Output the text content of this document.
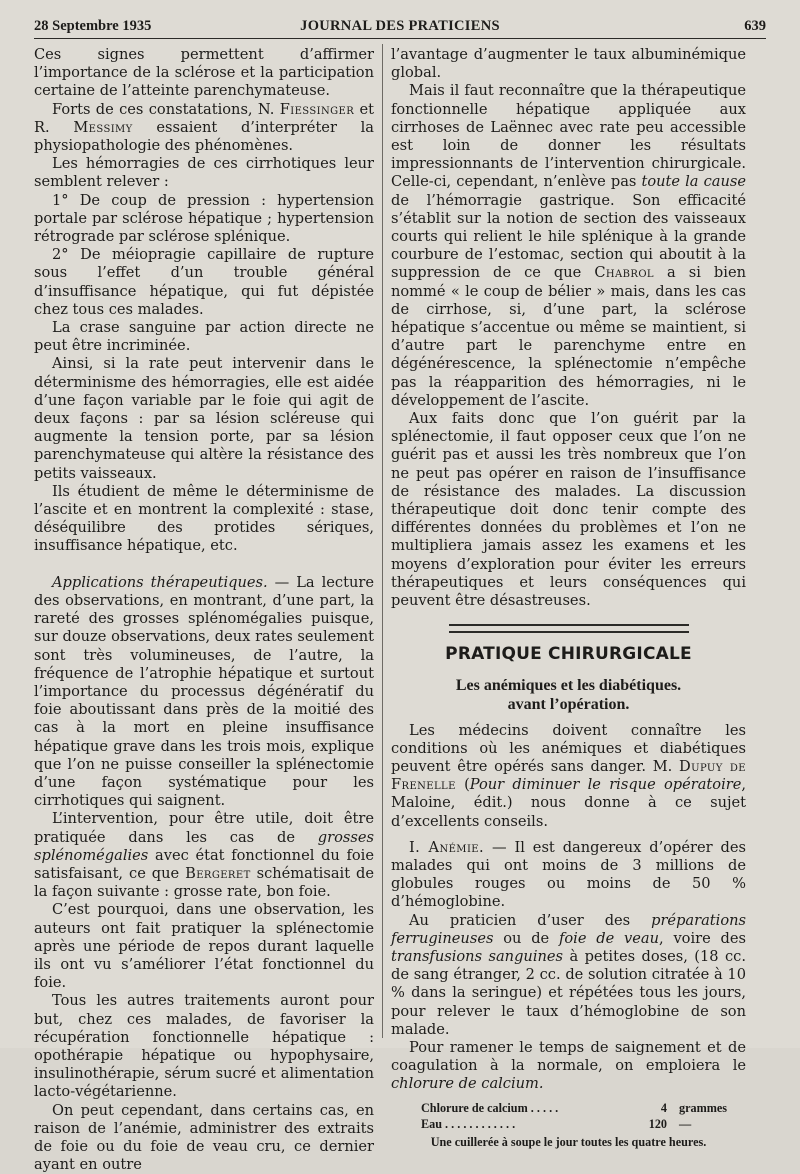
28 Septembre 1935	JOURNAL DES PRATICIENS	639

Ces signes permettent d’affirmer l’importance de la sclérose et la participation certaine de l’atteinte parenchymateuse.

Forts de ces constatations, N. Fiessinger et R. Messimy essaient d’interpréter la physiopathologie des phénomènes.

Les hémorragies de ces cirrhotiques leur semblent relever :

1° De coup de pression : hypertension portale par sclérose hépatique ; hypertension rétrograde par sclérose splénique.

2° De méiopragie capillaire de rupture sous l’effet d’un trouble général d’insuffisance hépatique, qui fut dépistée chez tous ces malades.

La crase sanguine par action directe ne peut être incriminée.

Ainsi, si la rate peut intervenir dans le déterminisme des hémorragies, elle est aidée d’une façon variable par le foie qui agit de deux façons : par sa lésion scléreuse qui augmente la tension porte, par sa lésion parenchymateuse qui altère la résistance des petits vaisseaux.

Ils étudient de même le déterminisme de l’ascite et en montrent la complexité : stase, déséquilibre des protides sériques, insuffisance hépatique, etc.

Applications thérapeutiques. — La lecture des observations, en montrant, d’une part, la rareté des grosses splénomégalies puisque, sur douze observations, deux rates seulement sont très volumineuses, de l’autre, la fréquence de l’atrophie hépatique et surtout l’importance du processus dégénératif du foie aboutissant dans près de la moitié des cas à la mort en pleine insuffisance hépatique grave dans les trois mois, explique que l’on ne puisse conseiller la splénectomie d’une façon systématique pour les cirrhotiques qui saignent.

L’intervention, pour être utile, doit être pratiquée dans les cas de grosses splénomégalies avec état fonctionnel du foie satisfaisant, ce que Bergeret schématisait de la façon suivante : grosse rate, bon foie.

C’est pourquoi, dans une observation, les auteurs ont fait pratiquer la splénectomie après une période de repos durant laquelle ils ont vu s’améliorer l’état fonctionnel du foie.

Tous les autres traitements auront pour but, chez ces malades, de favoriser la récupération fonctionnelle hépatique : opothérapie hépatique ou hypophysaire, insulinothérapie, sérum sucré et alimentation lacto-végétarienne.

On peut cependant, dans certains cas, en raison de l’anémie, administrer des extraits de foie ou du foie de veau cru, ce dernier ayant en outre

l’avantage d’augmenter le taux albuminémique global.

Mais il faut reconnaître que la thérapeutique fonctionnelle hépatique appliquée aux cirrhoses de Laënnec avec rate peu accessible est loin de donner les résultats impressionnants de l’intervention chirurgicale. Celle-ci, cependant, n’enlève pas toute la cause de l’hémorragie gastrique. Son efficacité s’établit sur la notion de section des vaisseaux courts qui relient le hile splénique à la grande courbure de l’estomac, section qui aboutit à la suppression de ce que Chabrol a si bien nommé « le coup de bélier » mais, dans les cas de cirrhose, si, d’une part, la sclérose hépatique s’accentue ou même se maintient, si d’autre part le parenchyme entre en dégénérescence, la splénectomie n’empêche pas la réapparition des hémorragies, ni le développement de l’ascite.

Aux faits donc que l’on guérit par la splénectomie, il faut opposer ceux que l’on ne guérit pas et aussi les très nombreux que l’on ne peut pas opérer en raison de l’insuffisance de résistance des malades. La discussion thérapeutique doit donc tenir compte des différentes données du problèmes et l’on ne multipliera jamais assez les examens et les moyens d’exploration pour éviter les erreurs thérapeutiques et leurs conséquences qui peuvent être désastreuses.

PRATIQUE CHIRURGICALE
Les anémiques et les diabétiques.
avant l’opération.

Les médecins doivent connaître les conditions où les anémiques et diabétiques peuvent être opérés sans danger. M. Dupuy de Frenelle (Pour diminuer le risque opératoire, Maloine, édit.) nous donne à ce sujet d’excellents conseils.

I. Anémie. — Il est dangereux d’opérer des malades qui ont moins de 3 millions de globules rouges ou moins de 50 % d’hémoglobine.

Au praticien d’user des préparations ferrugineuses ou de foie de veau, voire des transfusions sanguines à petites doses, (18 cc. de sang étranger, 2 cc. de solution citratée à 10 % dans la seringue) et répétées tous les jours, pour relever le taux d’hémoglobine de son malade.

Pour ramener le temps de saignement et de coagulation à la normale, on emploiera le chlorure de calcium.

Chlorure de calcium . . . . .	4 grammes
Eau . . . . . . . . . . . .	120 —
Une cuillerée à soupe le jour toutes les quatre heures.
